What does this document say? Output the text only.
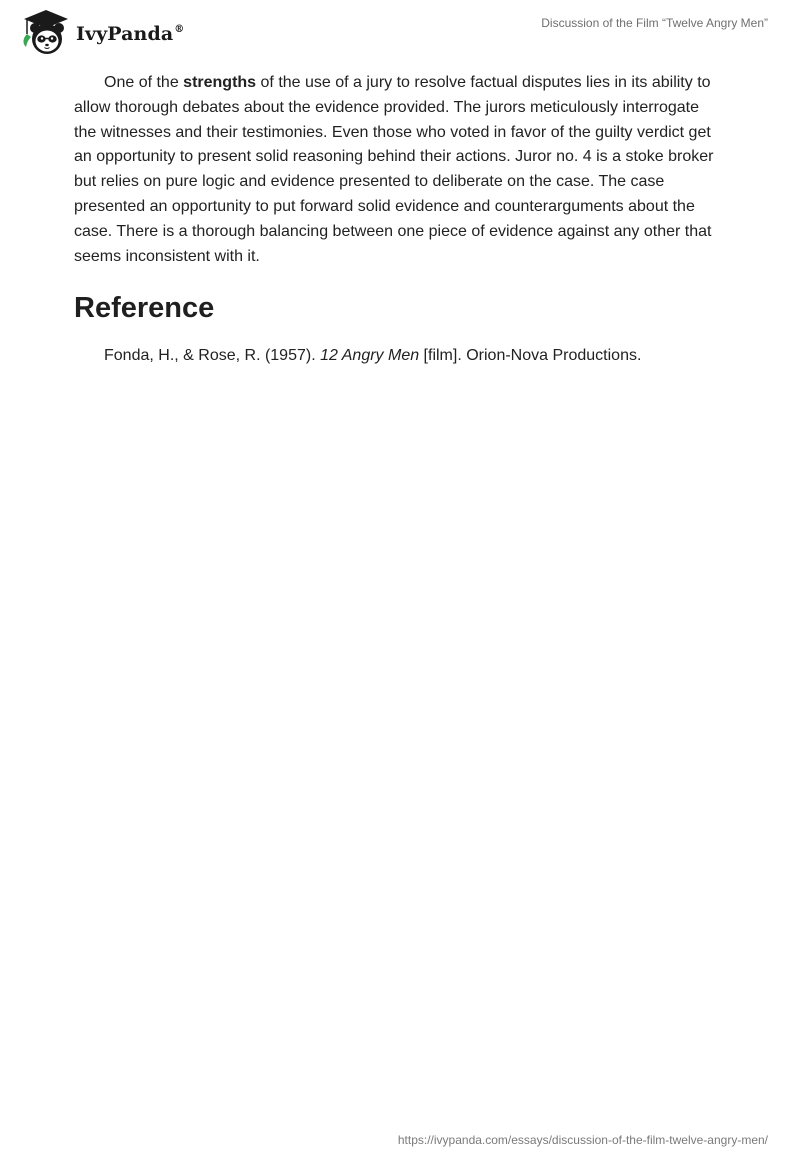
IvyPanda®	Discussion of the Film “Twelve Angry Men”

One of the strengths of the use of a jury to resolve factual disputes lies in its ability to allow thorough debates about the evidence provided. The jurors meticulously interrogate the witnesses and their testimonies. Even those who voted in favor of the guilty verdict get an opportunity to present solid reasoning behind their actions. Juror no. 4 is a stoke broker but relies on pure logic and evidence presented to deliberate on the case. The case presented an opportunity to put forward solid evidence and counterarguments about the case. There is a thorough balancing between one piece of evidence against any other that seems inconsistent with it.

Reference

Fonda, H., & Rose, R. (1957). 12 Angry Men [film]. Orion-Nova Productions.

https://ivypanda.com/essays/discussion-of-the-film-twelve-angry-men/
